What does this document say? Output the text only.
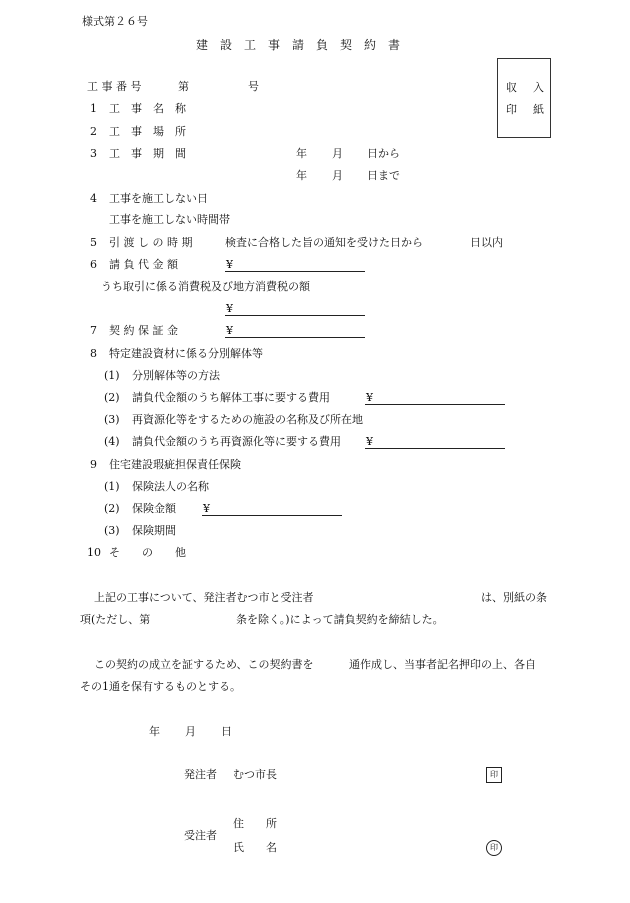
様式第２６号
建　設　工　事　請　負　契　約　書
収 入
印 紙
工 事 番 号	第	号
1 工　事　名　称
2 工　事　場　所
3 工　事　期　間	年 月 日から
年 月 日まで
4 工事を施工しない日
工事を施工しない時間帯
5 引 渡 し の 時 期	検査に合格した旨の通知を受けた日から	日以内
6 請 負 代 金 額	¥
うち取引に係る消費税及び地方消費税の額
¥
7 契 約 保 証 金	¥
8 特定建設資材に係る分別解体等
(1) 分別解体等の方法
(2) 請負代金額のうち解体工事に要する費用	¥
(3) 再資源化等をするための施設の名称及び所在地
(4) 請負代金額のうち再資源化等に要する費用 ¥
9 住宅建設瑕疵担保責任保険
(1) 保険法人の名称
(2) 保険金額 ¥
(3) 保険期間
10 そ　　の　　他
上記の工事について、発注者むつ市と受注者	は、別紙の条
項(ただし、第	条を除く。)によって請負契約を締結した。
この契約の成立を証するため、この契約書を	通作成し、当事者記名押印の上、各自
その1通を保有するものとする。
年 月 日
発注者 むつ市長	印
受注者
住　　所
氏　　名	印
